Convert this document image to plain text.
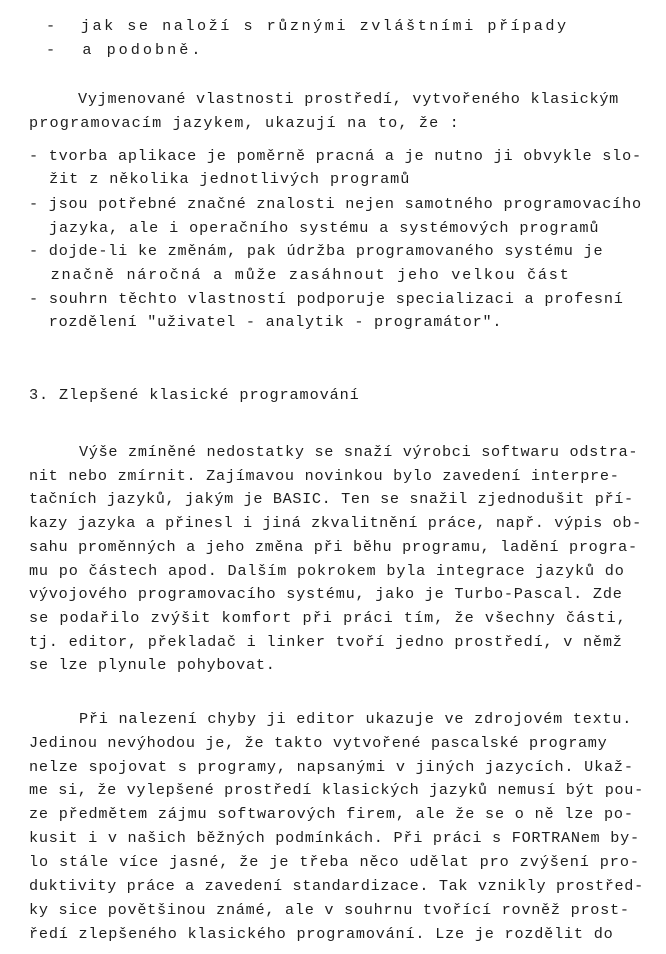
-  jak se naloží s různými zvláštními případy
-  a podobně.
Vyjmenované vlastnosti prostředí, vytvořeného klasickým
programovacím jazykem, ukazují na to, že :
- tvorba aplikace je poměrně pracná a je nutno ji obvykle slo-
žit z několika jednotlivých programů
- jsou potřebné značné znalosti nejen samotného programovacího
jazyka, ale i operačního systému a systémových programů
- dojde-li ke změnám, pak údržba programovaného systému je
značně náročná a může zasáhnout jeho velkou část
- souhrn těchto vlastností podporuje specializaci a profesní
rozdělení "uživatel - analytik - programátor".
3. Zlepšené klasické programování
Výše zmíněné nedostatky se snaží výrobci softwaru odstra-
nit nebo zmírnit. Zajímavou novinkou bylo zavedení interpre-
tačních jazyků, jakým je BASIC. Ten se snažil zjednodušit pří-
kazy jazyka a přinesl i jiná zkvalitnění práce, např. výpis ob-
sahu proměnných a jeho změna při běhu programu, ladění progra-
mu po částech apod. Dalším pokrokem byla integrace jazyků do
vývojového programovacího systému, jako je Turbo-Pascal. Zde
se podařilo zvýšit komfort při práci tím, že všechny části,
tj. editor, překladač i linker tvoří jedno prostředí, v němž
se lze plynule pohybovat.
Při nalezení chyby ji editor ukazuje ve zdrojovém textu.
Jedinou nevýhodou je, že takto vytvořené pascalské programy
nelze spojovat s programy, napsanými v jiných jazycích. Ukaž-
me si, že vylepšené prostředí klasických jazyků nemusí být pou-
ze předmětem zájmu softwarových firem, ale že se o ně lze po-
kusit i v našich běžných podmínkách. Při práci s FORTRANem by-
lo stále více jasné, že je třeba něco udělat pro zvýšení pro-
duktivity práce a zavedení standardizace. Tak vznikly prostřed-
ky sice povětšinou známé, ale v souhrnu tvořící rovněž prost-
ředí zlepšeného klasického programování. Lze je rozdělit do
